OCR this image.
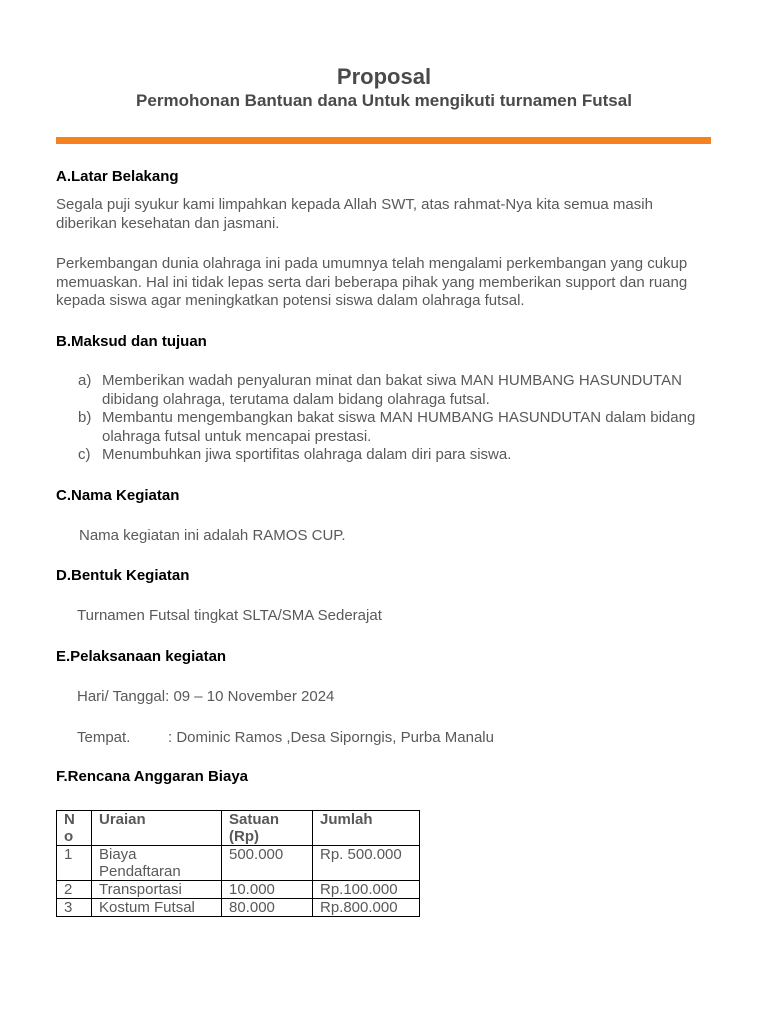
Proposal
Permohonan Bantuan dana Untuk mengikuti turnamen Futsal
A.Latar Belakang
Segala puji syukur kami limpahkan kepada Allah SWT, atas rahmat-Nya kita semua masih diberikan kesehatan dan jasmani.
Perkembangan dunia olahraga ini pada umumnya telah mengalami perkembangan yang cukup memuaskan. Hal ini tidak lepas serta dari beberapa pihak yang memberikan support dan ruang kepada siswa agar meningkatkan potensi siswa dalam olahraga futsal.
B.Maksud dan tujuan
a) Memberikan wadah penyaluran minat dan bakat siwa MAN HUMBANG HASUNDUTAN dibidang olahraga, terutama dalam bidang olahraga futsal.
b) Membantu mengembangkan bakat siswa MAN HUMBANG HASUNDUTAN dalam bidang olahraga futsal untuk mencapai prestasi.
c) Menumbuhkan jiwa sportifitas olahraga dalam diri para siswa.
C.Nama Kegiatan
Nama kegiatan ini adalah RAMOS CUP.
D.Bentuk Kegiatan
Turnamen Futsal tingkat SLTA/SMA Sederajat
E.Pelaksanaan kegiatan
Hari/ Tanggal: 09 – 10 November 2024
Tempat.	: Dominic Ramos ,Desa Siporngis, Purba Manalu
F.Rencana Anggaran Biaya
N o	Uraian	Satuan (Rp)	Jumlah
1	Biaya Pendaftaran	500.000	Rp. 500.000
2	Transportasi	10.000	Rp.100.000
3	Kostum Futsal	80.000	Rp.800.000
